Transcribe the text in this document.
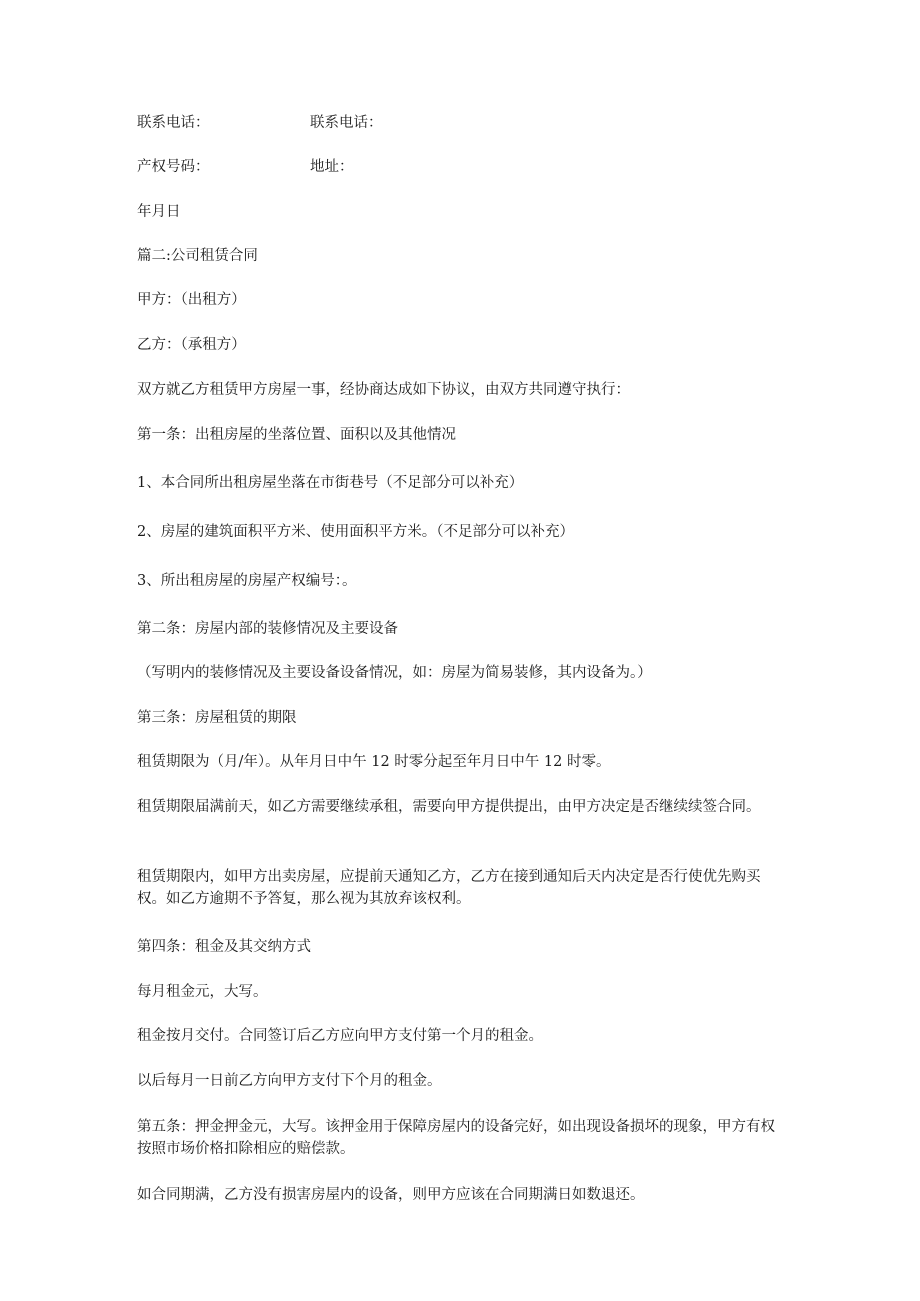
联系电话：	联系电话：
产权号码：	地址：
年月日
篇二:公司租赁合同
甲方：（出租方）
乙方：（承租方）
双方就乙方租赁甲方房屋一事，经协商达成如下协议，由双方共同遵守执行：
第一条：出租房屋的坐落位置、面积以及其他情况
1、本合同所出租房屋坐落在市街巷号（不足部分可以补充）
2、房屋的建筑面积平方米、使用面积平方米。（不足部分可以补充）
3、所出租房屋的房屋产权编号：。
第二条：房屋内部的装修情况及主要设备
（写明内的装修情况及主要设备设备情况，如：房屋为简易装修，其内设备为。）
第三条：房屋租赁的期限
租赁期限为（月/年）。从年月日中午 12 时零分起至年月日中午 12 时零。
租赁期限届满前天，如乙方需要继续承租，需要向甲方提供提出，由甲方决定是否继续续签合同。
租赁期限内，如甲方出卖房屋，应提前天通知乙方，乙方在接到通知后天内决定是否行使优先购买权。如乙方逾期不予答复，那么视为其放弃该权利。
第四条：租金及其交纳方式
每月租金元，大写。
租金按月交付。合同签订后乙方应向甲方支付第一个月的租金。
以后每月一日前乙方向甲方支付下个月的租金。
第五条：押金押金元，大写。该押金用于保障房屋内的设备完好，如出现设备损坏的现象，甲方有权按照市场价格扣除相应的赔偿款。
如合同期满，乙方没有损害房屋内的设备，则甲方应该在合同期满日如数退还。
